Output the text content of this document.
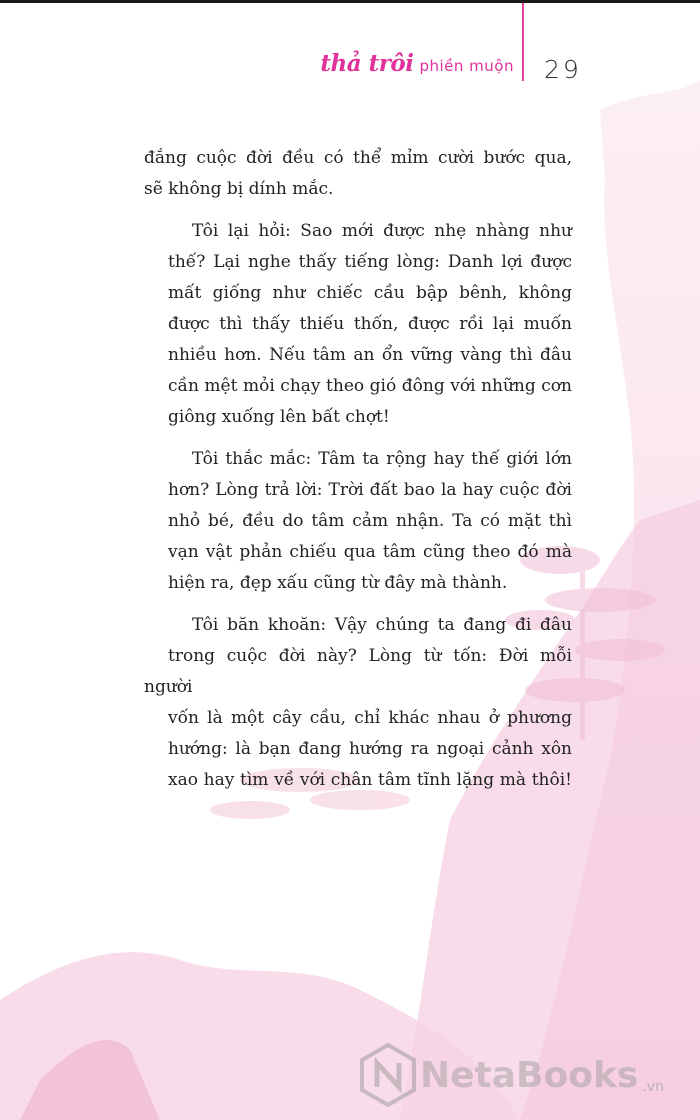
thả trôi phiền muộn 29

đắng cuộc đời đều có thể mỉm cười bước qua,
sẽ không bị dính mắc.

Tôi lại hỏi: Sao mới được nhẹ nhàng như
thế? Lại nghe thấy tiếng lòng: Danh lợi được
mất giống như chiếc cầu bập bênh, không
được thì thấy thiếu thốn, được rồi lại muốn
nhiều hơn. Nếu tâm an ổn vững vàng thì đâu
cần mệt mỏi chạy theo gió đông với những cơn
giông xuống lên bất chợt!

Tôi thắc mắc: Tâm ta rộng hay thế giới lớn
hơn? Lòng trả lời: Trời đất bao la hay cuộc đời
nhỏ bé, đều do tâm cảm nhận. Ta có mặt thì
vạn vật phản chiếu qua tâm cũng theo đó mà
hiện ra, đẹp xấu cũng từ đây mà thành.

Tôi băn khoăn: Vậy chúng ta đang đi đâu
trong cuộc đời này? Lòng từ tốn: Đời mỗi người
vốn là một cây cầu, chỉ khác nhau ở phương
hướng: là bạn đang hướng ra ngoại cảnh xôn
xao hay tìm về với chân tâm tĩnh lặng mà thôi!

NetaBooks .vn
